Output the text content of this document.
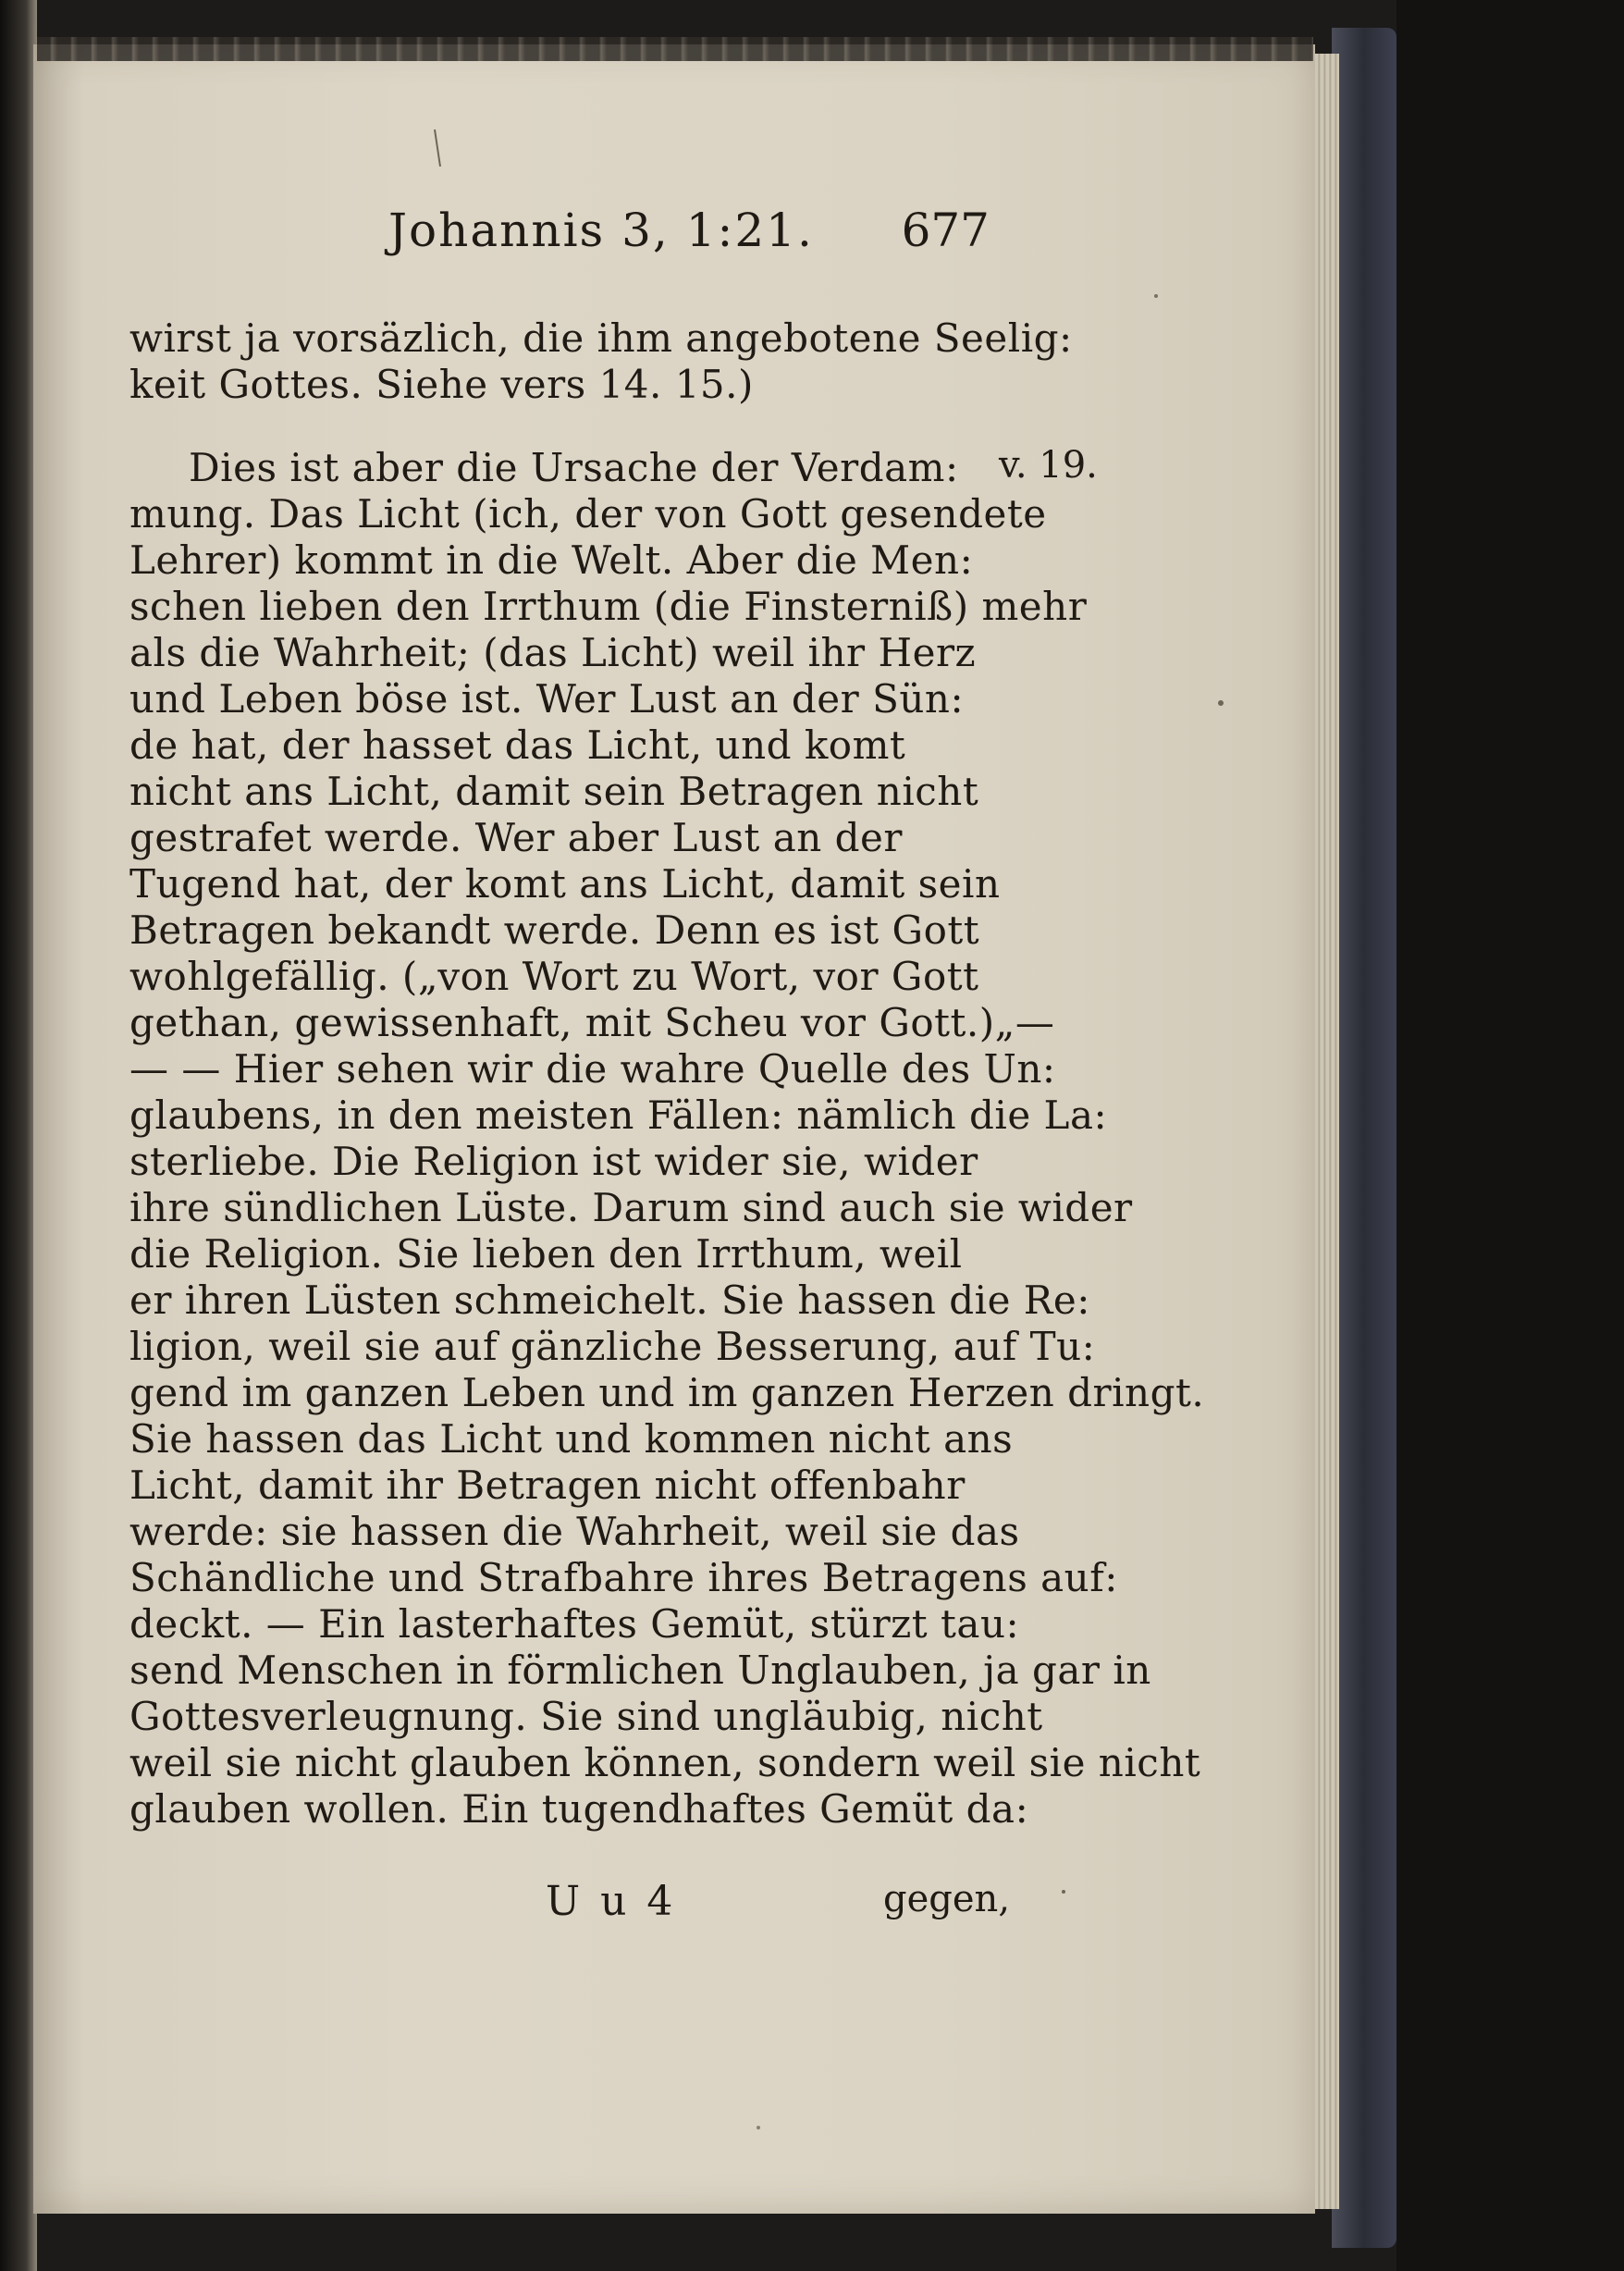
Johannis 3, 1:21. 677
v. 19.
wirst ja vorsäzlich, die ihm angebotene Seelig:
keit Gottes. Siehe vers 14. 15.)
Dies ist aber die Ursache der Verdam:
mung. Das Licht (ich, der von Gott gesendete
Lehrer) kommt in die Welt. Aber die Men:
schen lieben den Irrthum (die Finsterniß) mehr
als die Wahrheit; (das Licht) weil ihr Herz
und Leben böse ist. Wer Lust an der Sün:
de hat, der hasset das Licht, und komt
nicht ans Licht, damit sein Betragen nicht
gestrafet werde. Wer aber Lust an der
Tugend hat, der komt ans Licht, damit sein
Betragen bekandt werde. Denn es ist Gott
wohlgefällig. („von Wort zu Wort, vor Gott
gethan, gewissenhaft, mit Scheu vor Gott.)„—
— — Hier sehen wir die wahre Quelle des Un:
glaubens, in den meisten Fällen: nämlich die La:
sterliebe. Die Religion ist wider sie, wider
ihre sündlichen Lüste. Darum sind auch sie wider
die Religion. Sie lieben den Irrthum, weil
er ihren Lüsten schmeichelt. Sie hassen die Re:
ligion, weil sie auf gänzliche Besserung, auf Tu:
gend im ganzen Leben und im ganzen Herzen dringt.
Sie hassen das Licht und kommen nicht ans
Licht, damit ihr Betragen nicht offenbahr
werde: sie hassen die Wahrheit, weil sie das
Schändliche und Strafbahre ihres Betragens auf:
deckt. — Ein lasterhaftes Gemüt, stürzt tau:
send Menschen in förmlichen Unglauben, ja gar in
Gottesverleugnung. Sie sind ungläubig, nicht
weil sie nicht glauben können, sondern weil sie nicht
glauben wollen. Ein tugendhaftes Gemüt da:
U u 4	gegen,
